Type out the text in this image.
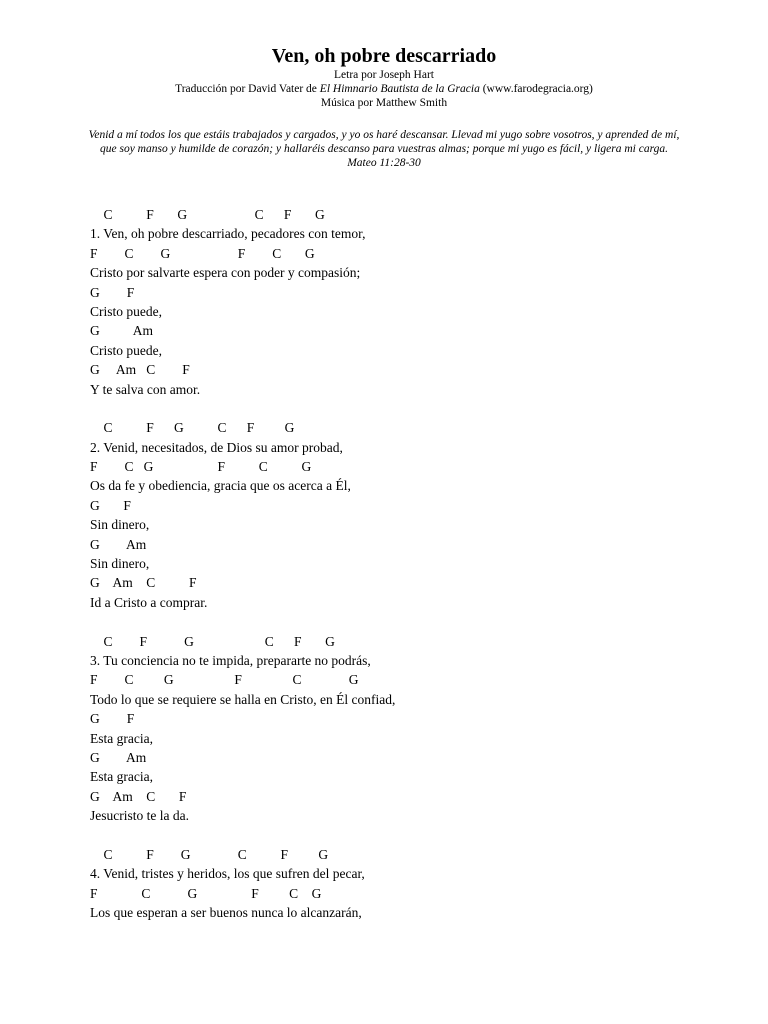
Ven, oh pobre descarriado

Letra por Joseph Hart

Traducción por David Vater de El Himnario Bautista de la Gracia (www.farodegracia.org)

Música por Matthew Smith

Venid a mí todos los que estáis trabajados y cargados, y yo os haré descansar. Llevad mi yugo sobre vosotros, y aprended de mí, que soy manso y humilde de corazón; y hallaréis descanso para vuestras almas; porque mi yugo es fácil, y ligera mi carga.
Mateo 11:28-30
C          F       G                    C      F       G
1. Ven, oh pobre descarriado, pecadores con temor,
F        C        G                    F        C       G
Cristo por salvarte espera con poder y compasión;
G        F
Cristo puede,
G          Am
Cristo puede,
G     Am   C        F
Y te salva con amor.
C          F      G          C      F         G
2. Venid, necesitados, de Dios su amor probad,
F        C   G                   F          C          G
Os da fe y obediencia, gracia que os acerca a Él,
G       F
Sin dinero,
G        Am
Sin dinero,
G    Am    C          F
Id a Cristo a comprar.
C        F           G                     C      F       G
3. Tu conciencia no te impida, prepararte no podrás,
F        C         G                  F               C              G
Todo lo que se requiere se halla en Cristo, en Él confiad,
G        F
Esta gracia,
G        Am
Esta gracia,
G    Am    C       F
Jesucristo te la da.
C          F        G              C          F         G
4. Venid, tristes y heridos, los que sufren del pecar,
F             C           G                F         C    G
Los que esperan a ser buenos nunca lo alcanzarán,
